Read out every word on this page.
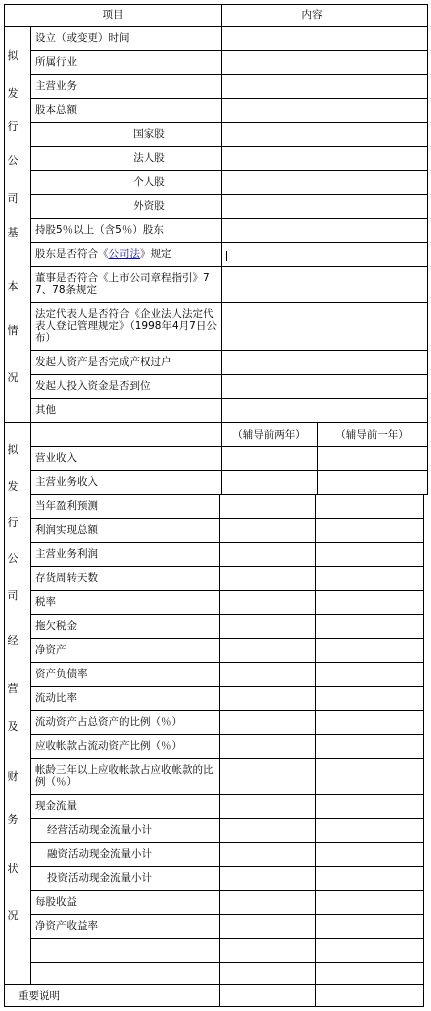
项目	内容
拟
发
行
公
司
基
本
情
况
设立（或变更）时间
所属行业
主营业务
股本总额
国家股
法人股
个人股
外资股
持股5％以上（含5％）股东
股东是否符合《公司法》规定
董事是否符合《上市公司章程指引》77、78条规定
法定代表人是否符合《企业法人法定代表人登记管理规定》（1998年4月7日公布）
发起人资产是否完成产权过户
发起人投入资金是否到位
其他
（辅导前两年）	（辅导前一年）
拟
发
行
公
司
经
营
及
财
务
状
况
营业收入
主营业务收入
当年盈利预测
利润实现总额
主营业务利润
存货周转天数
税率
拖欠税金
净资产
资产负债率
流动比率
流动资产占总资产的比例（％）
应收帐款占流动资产比例（％）
帐龄三年以上应收帐款占应收帐款的比例（％）
现金流量
经营活动现金流量小计
融资活动现金流量小计
投资活动现金流量小计
每股收益
净资产收益率
重要说明
